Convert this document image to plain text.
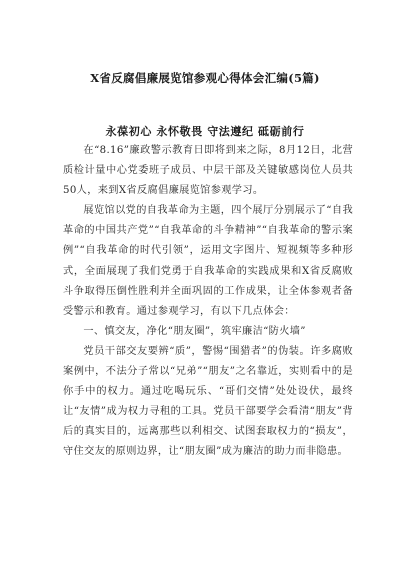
X省反腐倡廉展览馆参观心得体会汇编(5篇)
永葆初心 永怀敬畏 守法遵纪 砥砺前行

在“8.16”廉政警示教育日即将到来之际，8月12日，北营质检计量中心党委班子成员、中层干部及关键敏感岗位人员共50人，来到X省反腐倡廉展览馆参观学习。

展览馆以党的自我革命为主题，四个展厅分别展示了“自我革命的中国共产党”“自我革命的斗争精神”“自我革命的警示案例”“自我革命的时代引领”，运用文字图片、短视频等多种形式，全面展现了我们党勇于自我革命的实践成果和X省反腐败斗争取得压倒性胜利并全面巩固的工作成果，让全体参观者备受警示和教育。通过参观学习，有以下几点体会：

一、慎交友，净化“朋友圈”，筑牢廉洁“防火墙”

党员干部交友要辨“质”，警惕“围猎者”的伪装。许多腐败案例中，不法分子常以“兄弟”“朋友”之名靠近，实则看中的是你手中的权力。通过吃喝玩乐、“哥们交情”处处设伏，最终让“友情”成为权力寻租的工具。党员干部要学会看清“朋友”背后的真实目的，远离那些以利相交、试图套取权力的“损友”，守住交友的原则边界，让“朋友圈”成为廉洁的助力而非隐患。
